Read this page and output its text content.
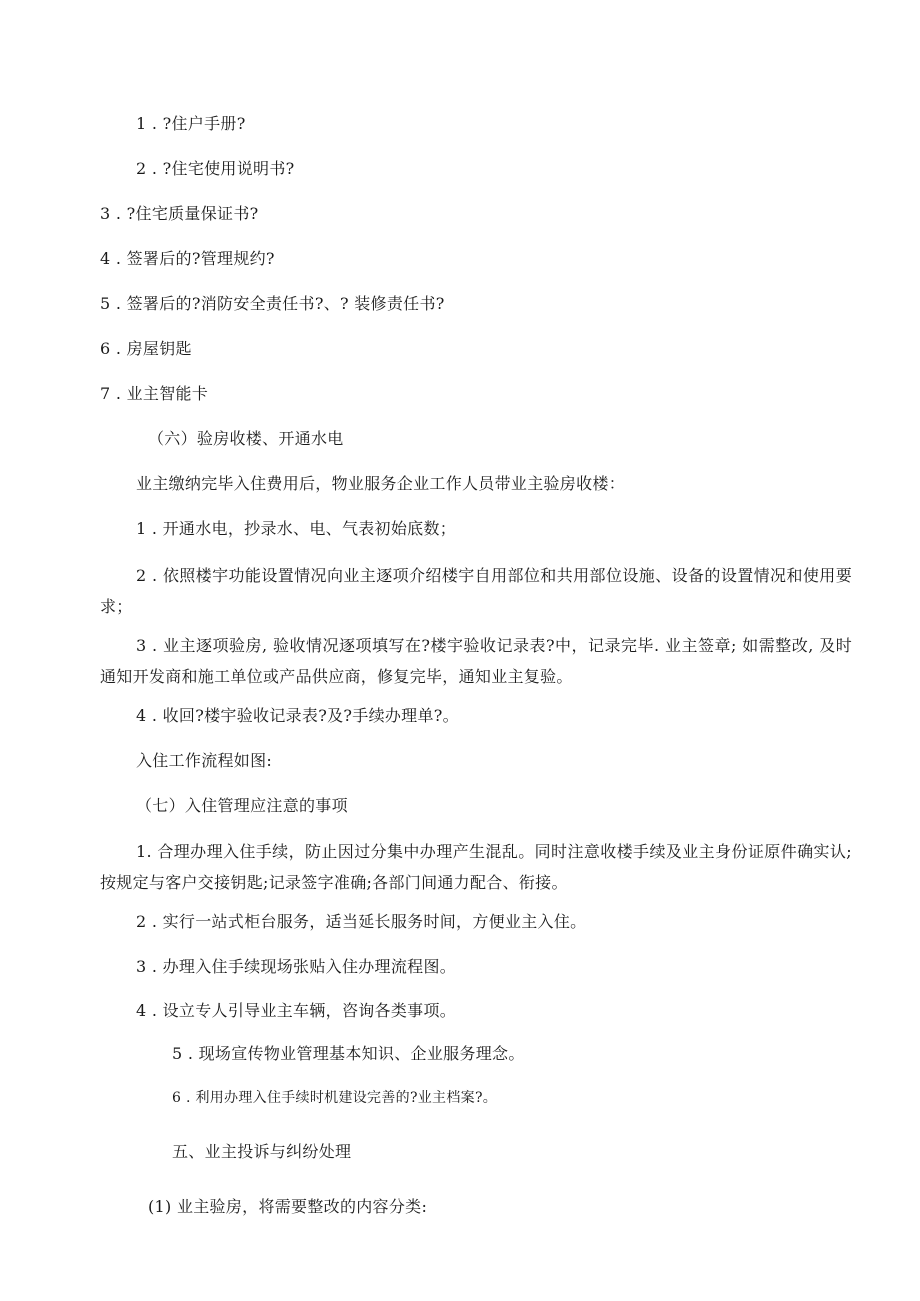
1 . ?住户手册?
2 . ?住宅使用说明书?
3 . ?住宅质量保证书?
4 . 签署后的?管理规约?
5 . 签署后的?消防安全责任书?、? 装修责任书?
6 . 房屋钥匙
7 . 业主智能卡
（六）验房收楼、开通水电
业主缴纳完毕入住费用后，物业服务企业工作人员带业主验房收楼：
1 . 开通水电，抄录水、电、气表初始底数；
2 . 依照楼宇功能设置情况向业主逐项介绍楼宇自用部位和共用部位设施、设备的设置情况和使用要求；
3 . 业主逐项验房, 验收情况逐项填写在?楼宇验收记录表?中，记录完毕. 业主签章; 如需整改, 及时通知开发商和施工单位或产品供应商，修复完毕，通知业主复验。
4 . 收回?楼宇验收记录表?及?手续办理单?。
入住工作流程如图:
（七）入住管理应注意的事项
1. 合理办理入住手续，防止因过分集中办理产生混乱。同时注意收楼手续及业主身份证原件确实认;按规定与客户交接钥匙;记录签字准确;各部门间通力配合、衔接。
2 . 实行一站式柜台服务，适当延长服务时间，方便业主入住。
3 . 办理入住手续现场张贴入住办理流程图。
4 . 设立专人引导业主车辆，咨询各类事项。
5 . 现场宣传物业管理基本知识、企业服务理念。
6 . 利用办理入住手续时机建设完善的?业主档案?。
五、业主投诉与纠纷处理
(1) 业主验房，将需要整改的内容分类:
